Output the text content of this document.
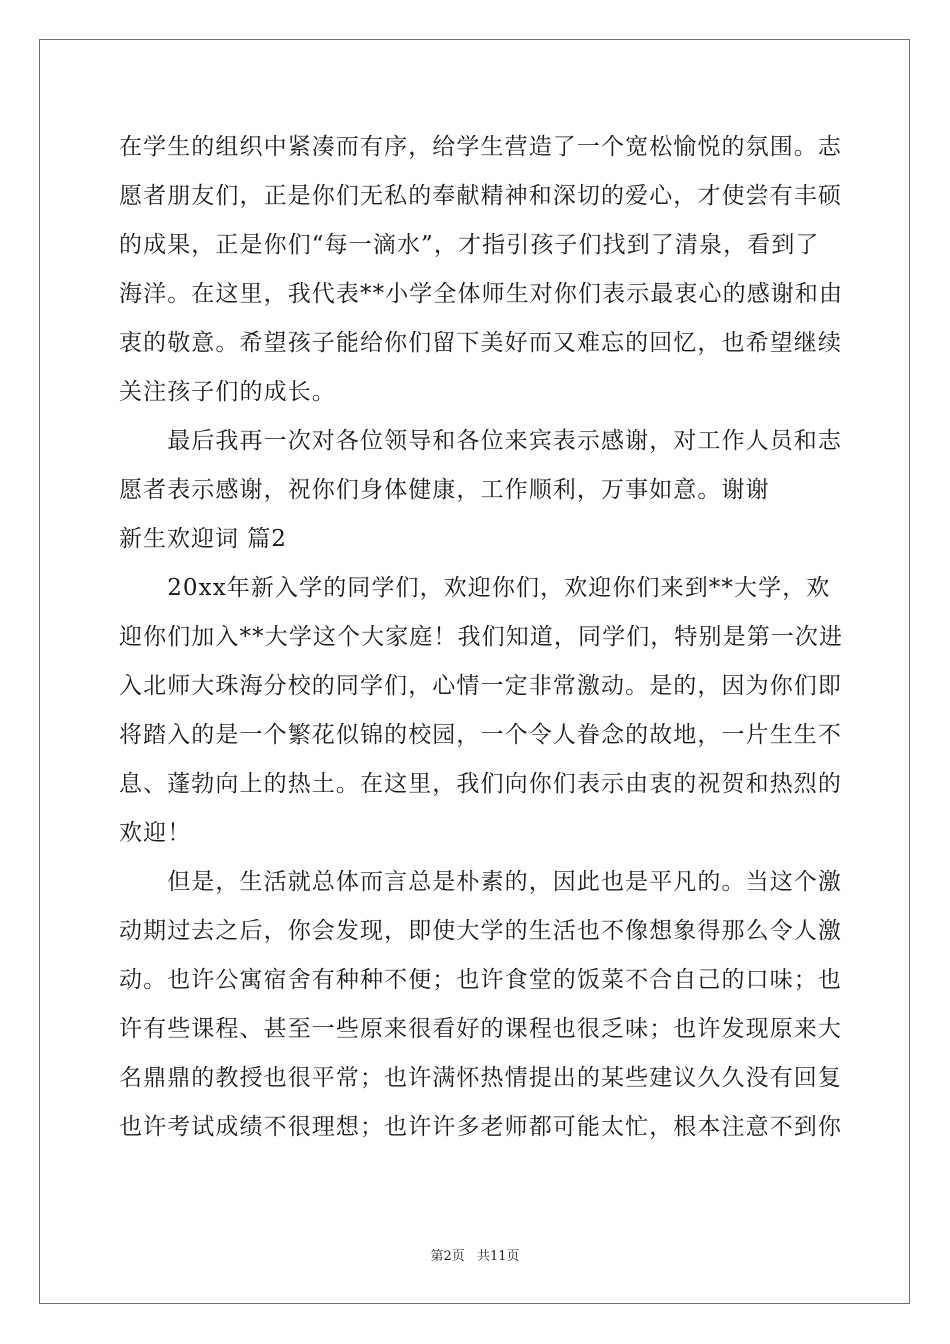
在学生的组织中紧凑而有序，给学生营造了一个宽松愉悦的氛围。志
愿者朋友们，正是你们无私的奉献精神和深切的爱心，才使尝有丰硕
的成果，正是你们“每一滴水”，才指引孩子们找到了清泉，看到了
海洋。在这里，我代表**小学全体师生对你们表示最衷心的感谢和由
衷的敬意。希望孩子能给你们留下美好而又难忘的回忆，也希望继续
关注孩子们的成长。
　　最后我再一次对各位领导和各位来宾表示感谢，对工作人员和志
愿者表示感谢，祝你们身体健康，工作顺利，万事如意。谢谢
新生欢迎词 篇2
　　20xx年新入学的同学们，欢迎你们，欢迎你们来到**大学，欢
迎你们加入**大学这个大家庭！我们知道，同学们，特别是第一次进
入北师大珠海分校的同学们，心情一定非常激动。是的，因为你们即
将踏入的是一个繁花似锦的校园，一个令人眷念的故地，一片生生不
息、蓬勃向上的热土。在这里，我们向你们表示由衷的祝贺和热烈的
欢迎！
　　但是，生活就总体而言总是朴素的，因此也是平凡的。当这个激
动期过去之后，你会发现，即使大学的生活也不像想象得那么令人激
动。也许公寓宿舍有种种不便；也许食堂的饭菜不合自己的口味；也
许有些课程、甚至一些原来很看好的课程也很乏味；也许发现原来大
名鼎鼎的教授也很平常；也许满怀热情提出的某些建议久久没有回复
也许考试成绩不很理想；也许许多老师都可能太忙，根本注意不到你
第2页 共11页
